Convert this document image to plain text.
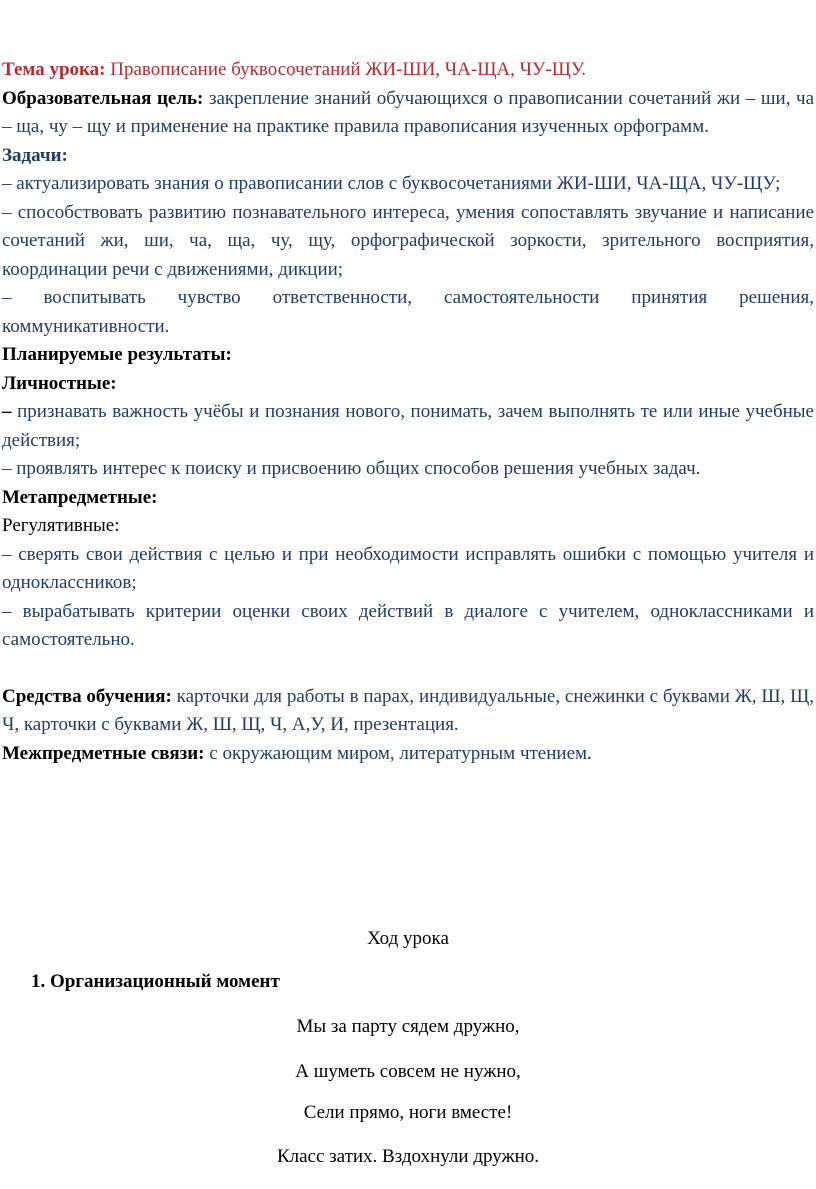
Тема урока: Правописание буквосочетаний ЖИ-ШИ, ЧА-ЩА, ЧУ-ЩУ.

Образовательная цель: закрепление знаний обучающихся о правописании сочетаний жи – ши, ча – ща, чу – щу и применение на практике правила правописания изученных орфограмм.

Задачи:

– актуализировать знания о правописании слов с буквосочетаниями ЖИ-ШИ, ЧА-ЩА, ЧУ-ЩУ;

– способствовать развитию познавательного интереса, умения сопоставлять звучание и написание сочетаний жи, ши, ча, ща, чу, щу, орфографической зоркости, зрительного восприятия, координации речи с движениями, дикции;

– воспитывать чувство ответственности, самостоятельности принятия решения, коммуникативности.

Планируемые результаты:

Личностные:

– признавать важность учёбы и познания нового, понимать, зачем выполнять те или иные учебные действия;

– проявлять интерес к поиску и присвоению общих способов решения учебных задач.

Метапредметные:

Регулятивные:

– сверять свои действия с целью и при необходимости исправлять ошибки с помощью учителя и одноклассников;

– вырабатывать критерии оценки своих действий в диалоге с учителем, одноклассниками и самостоятельно.

Средства обучения: карточки для работы в парах, индивидуальные, снежинки с буквами Ж, Ш, Щ, Ч, карточки с буквами Ж, Ш, Щ, Ч, А,У, И, презентация.

Межпредметные связи: с окружающим миром, литературным чтением.

Ход урока
1. Организационный момент
Мы за парту сядем дружно,
А шуметь совсем не нужно,
Сели прямо, ноги вместе!
Класс затих. Вздохнули дружно.
